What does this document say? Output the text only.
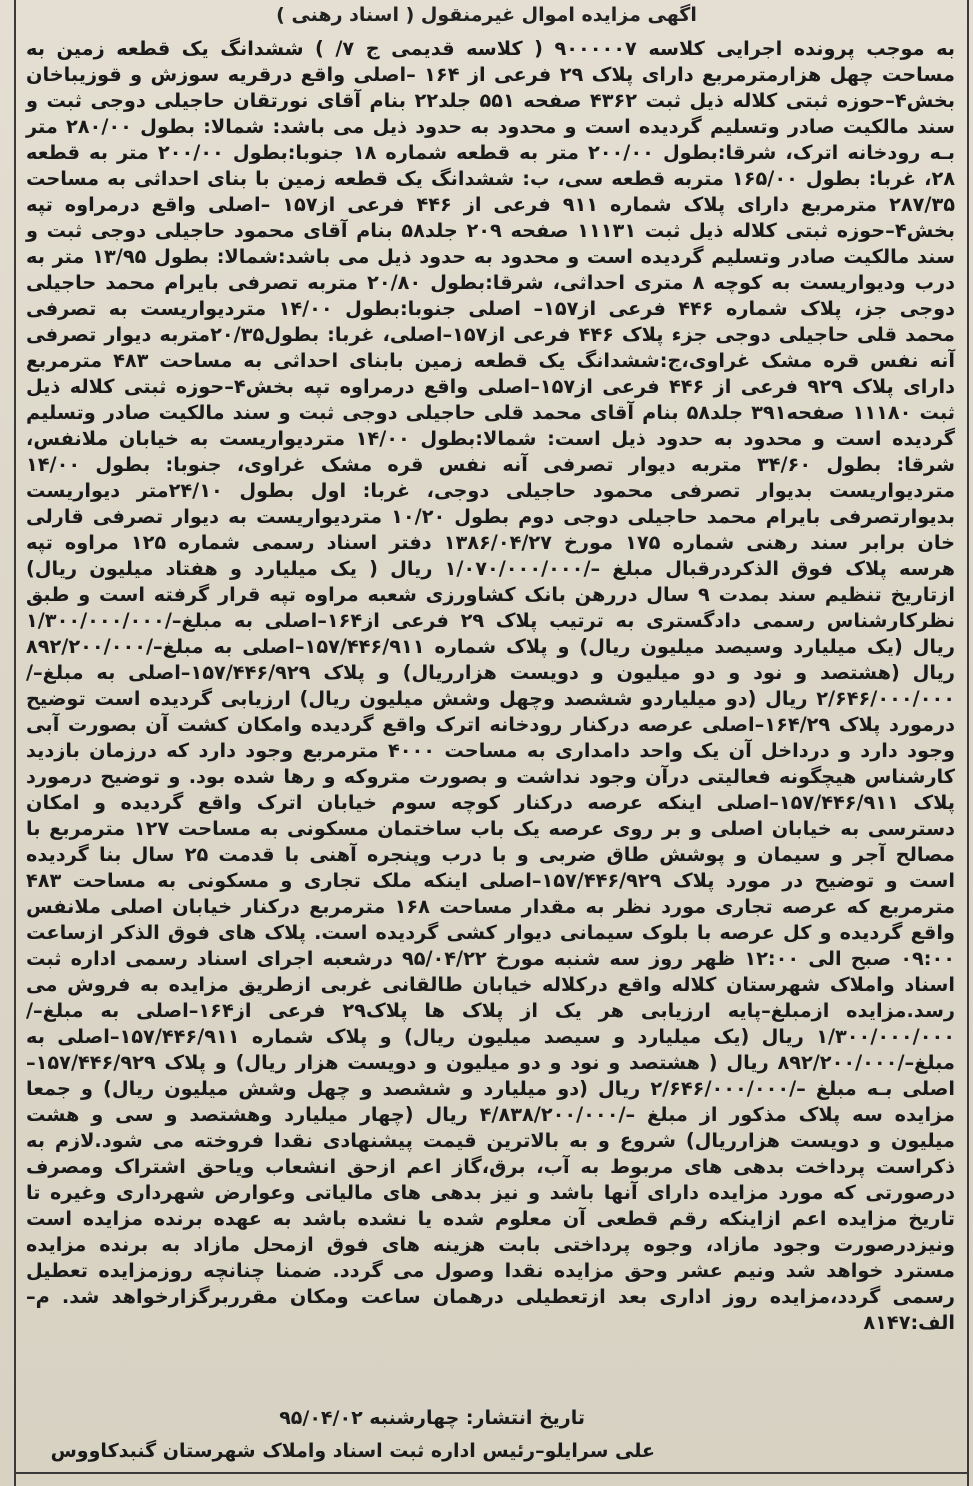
اگهی مزایده اموال غیرمنقول ( اسناد رهنی )
به موجب پرونده اجرایی کلاسه ۹۰۰۰۰۰۷ ( کلاسه قدیمی ج ۷/ ) ششدانگ یک قطعه زمین به مساحت چهل هزارمترمربع دارای پلاک ۲۹ فرعی از ۱۶۴ –اصلی واقع درقریه سوزش و قوزیباخان بخش۴–حوزه ثبتی کلاله ذیل ثبت ۴۳۶۲ صفحه ۵۵۱ جلد۲۲ بنام آقای نورتقان حاجیلی دوجی ثبت و سند مالکیت صادر وتسلیم گردیده است و محدود به حدود ذیل می باشد: شمالا: بطول ۲۸۰/۰۰ متر بـه رودخانه اترک، شرقا:بطول ۲۰۰/۰۰ متر به قطعه شماره ۱۸ جنوبا:بطول ۲۰۰/۰۰ متر به قطعه ۲۸، غربا: بطول ۱۶۵/۰۰ متربه قطعه سی، ب: ششدانگ یک قطعه زمین با بنای احداثی به مساحت ۲۸۷/۳۵ مترمربع دارای پلاک شماره ۹۱۱ فرعی از ۴۴۶ فرعی از۱۵۷ –اصلی واقع درمراوه تپه بخش۴–حوزه ثبتی کلاله ذیل ثبت ۱۱۱۳۱ صفحه ۲۰۹ جلد۵۸ بنام آقای محمود حاجیلی دوجی ثبت و سند مالکیت صادر وتسلیم گردیده است و محدود به حدود ذیل می باشد:شمالا: بطول ۱۳/۹۵ متر به درب ودیواریست به کوچه ۸ متری احداثی، شرقا:بطول ۲۰/۸۰ متربه تصرفی بایرام محمد حاجیلی دوجی جز، پلاک شماره ۴۴۶ فرعی از۱۵۷– اصلی جنوبا:بطول ۱۴/۰۰ متردیواریست به تصرفی محمد قلی حاجیلی دوجی جزء پلاک ۴۴۶ فرعی از۱۵۷–اصلی، غربا: بطول۲۰/۳۵متربه دیوار تصرفی آنه نفس قره مشک غراوی،ج:ششدانگ یک قطعه زمین بابنای احداثی به مساحت ۴۸۳ مترمربع دارای پلاک ۹۲۹ فرعی از ۴۴۶ فرعی از۱۵۷–اصلی واقع درمراوه تپه بخش۴–حوزه ثبتی کلاله ذیل ثبت ۱۱۱۸۰ صفحه۳۹۱ جلد۵۸ بنام آقای محمد قلی حاجیلی دوجی ثبت و سند مالکیت صادر وتسلیم گردیده است و محدود به حدود ذیل است: شمالا:بطول ۱۴/۰۰ متردیواریست به خیابان ملانفس، شرقا: بطول ۳۴/۶۰ متربه دیوار تصرفی آنه نفس قره مشک غراوی، جنوبا: بطول ۱۴/۰۰ متردیواریست بدیوار تصرفی محمود حاجیلی دوجی، غربا: اول بطول ۲۴/۱۰متر دیواریست بدیوارتصرفی بایرام محمد حاجیلی دوجی دوم بطول ۱۰/۲۰ متردیواریست به دیوار تصرفی قارلی خان برابر سند رهنی شماره ۱۷۵ مورخ ۱۳۸۶/۰۴/۲۷ دفتر اسناد رسمی شماره ۱۲۵ مراوه تپه هرسه پلاک فوق الذکردرقبال مبلغ –/۱/۰۷۰/۰۰۰/۰۰۰ ریال ( یک میلیارد و هفتاد میلیون ریال) ازتاریخ تنظیم سند بمدت ۹ سال دررهن بانک کشاورزی شعبه مراوه تپه قرار گرفته است و طبق نظرکارشناس رسمی دادگستری به ترتیب پلاک ۲۹ فرعی از۱۶۴–اصلی به مبلغ–/۱/۳۰۰/۰۰۰/۰۰۰ ریال (یک میلیارد وسیصد میلیون ریال) و پلاک شماره ۱۵۷/۴۴۶/۹۱۱–اصلی به مبلغ–/۸۹۲/۲۰۰/۰۰۰ ریال (هشتصد و نود و دو میلیون و دویست هزارریال) و پلاک ۱۵۷/۴۴۶/۹۲۹–اصلی به مبلغ–/۲/۶۴۶/۰۰۰/۰۰۰ ریال (دو میلیاردو ششصد وچهل وشش میلیون ریال) ارزیابی گردیده است توضیح درمورد پلاک ۱۶۴/۲۹–اصلی عرصه درکنار رودخانه اترک واقع گردیده وامکان کشت آن بصورت آبی وجود دارد و درداخل آن یک واحد دامداری به مساحت ۴۰۰۰ مترمربع وجود دارد که درزمان بازدید کارشناس هیچگونه فعالیتی درآن وجود نداشت و بصورت متروکه و رها شده بود. و توضیح درمورد پلاک ۱۵۷/۴۴۶/۹۱۱–اصلی اینکه عرصه درکنار کوچه سوم خیابان اترک واقع گردیده و امکان دسترسی به خیابان اصلی و بر روی عرصه یک باب ساختمان مسکونی به مساحت ۱۲۷ مترمربع با مصالح آجر و سیمان و پوشش طاق ضربی و با درب وپنجره آهنی با قدمت ۲۵ سال بنا گردیده است و توضیح در مورد پلاک ۱۵۷/۴۴۶/۹۲۹–اصلی اینکه ملک تجاری و مسکونی به مساحت ۴۸۳ مترمربع که عرصه تجاری مورد نظر به مقدار مساحت ۱۶۸ مترمربع درکنار خیابان اصلی ملانفس واقع گردیده و کل عرصه با بلوک سیمانی دیوار کشی گردیده است. پلاک های فوق الذکر ازساعت ۰۹:۰۰ صبح الی ۱۲:۰۰ ظهر روز سه شنبه مورخ ۹۵/۰۴/۲۲ درشعبه اجرای اسناد رسمی اداره ثبت اسناد واملاک شهرستان کلاله واقع درکلاله خیابان طالقانی غربی ازطریق مزایده به فروش می رسد.مزایده ازمبلغ–پایه ارزیابی هر یک از پلاک ها پلاک۲۹ فرعی از۱۶۴–اصلی به مبلغ–/۱/۳۰۰/۰۰۰/۰۰۰ ریال (یک میلیارد و سیصد میلیون ریال) و پلاک شماره ۱۵۷/۴۴۶/۹۱۱–اصلی به مبلغ–/۸۹۲/۲۰۰/۰۰۰ ریال ( هشتصد و نود و دو میلیون و دویست هزار ریال) و پلاک ۱۵۷/۴۴۶/۹۲۹–اصلی بـه مبلغ –/۲/۶۴۶/۰۰۰/۰۰۰ ریال (دو میلیارد و ششصد و چهل وشش میلیون ریال) و جمعا مزایده سه پلاک مذکور از مبلغ –/۴/۸۳۸/۲۰۰/۰۰۰ ریال (چهار میلیارد وهشتصد و سی و هشت میلیون و دویست هزارریال) شروع و به بالاترین قیمت پیشنهادی نقدا فروخته می شود.لازم به ذکراست پرداخت بدهی های مربوط به آب، برق،گاز اعم ازحق انشعاب ویاحق اشتراک ومصرف درصورتی که مورد مزایده دارای آنها باشد و نیز بدهی های مالیاتی وعوارض شهرداری وغیره تا تاریخ مزایده اعم ازاینکه رقم قطعی آن معلوم شده یا نشده باشد به عهده برنده مزایده است ونیزدرصورت وجود مازاد، وجوه پرداختی بابت هزینه های فوق ازمحل مازاد به برنده مزایده مسترد خواهد شد ونیم عشر وحق مزایده نقدا وصول می گردد. ضمنا چنانچه روزمزایده تعطیل رسمی گردد،مزایده روز اداری بعد ازتعطیلی درهمان ساعت ومکان مقرربرگزارخواهد شد. م–الف:۸۱۴۷
تاریخ انتشار: چهارشنبه ۹۵/۰۴/۰۲
علی سرایلو–رئیس اداره ثبت اسناد واملاک شهرستان گنبدکاووس
